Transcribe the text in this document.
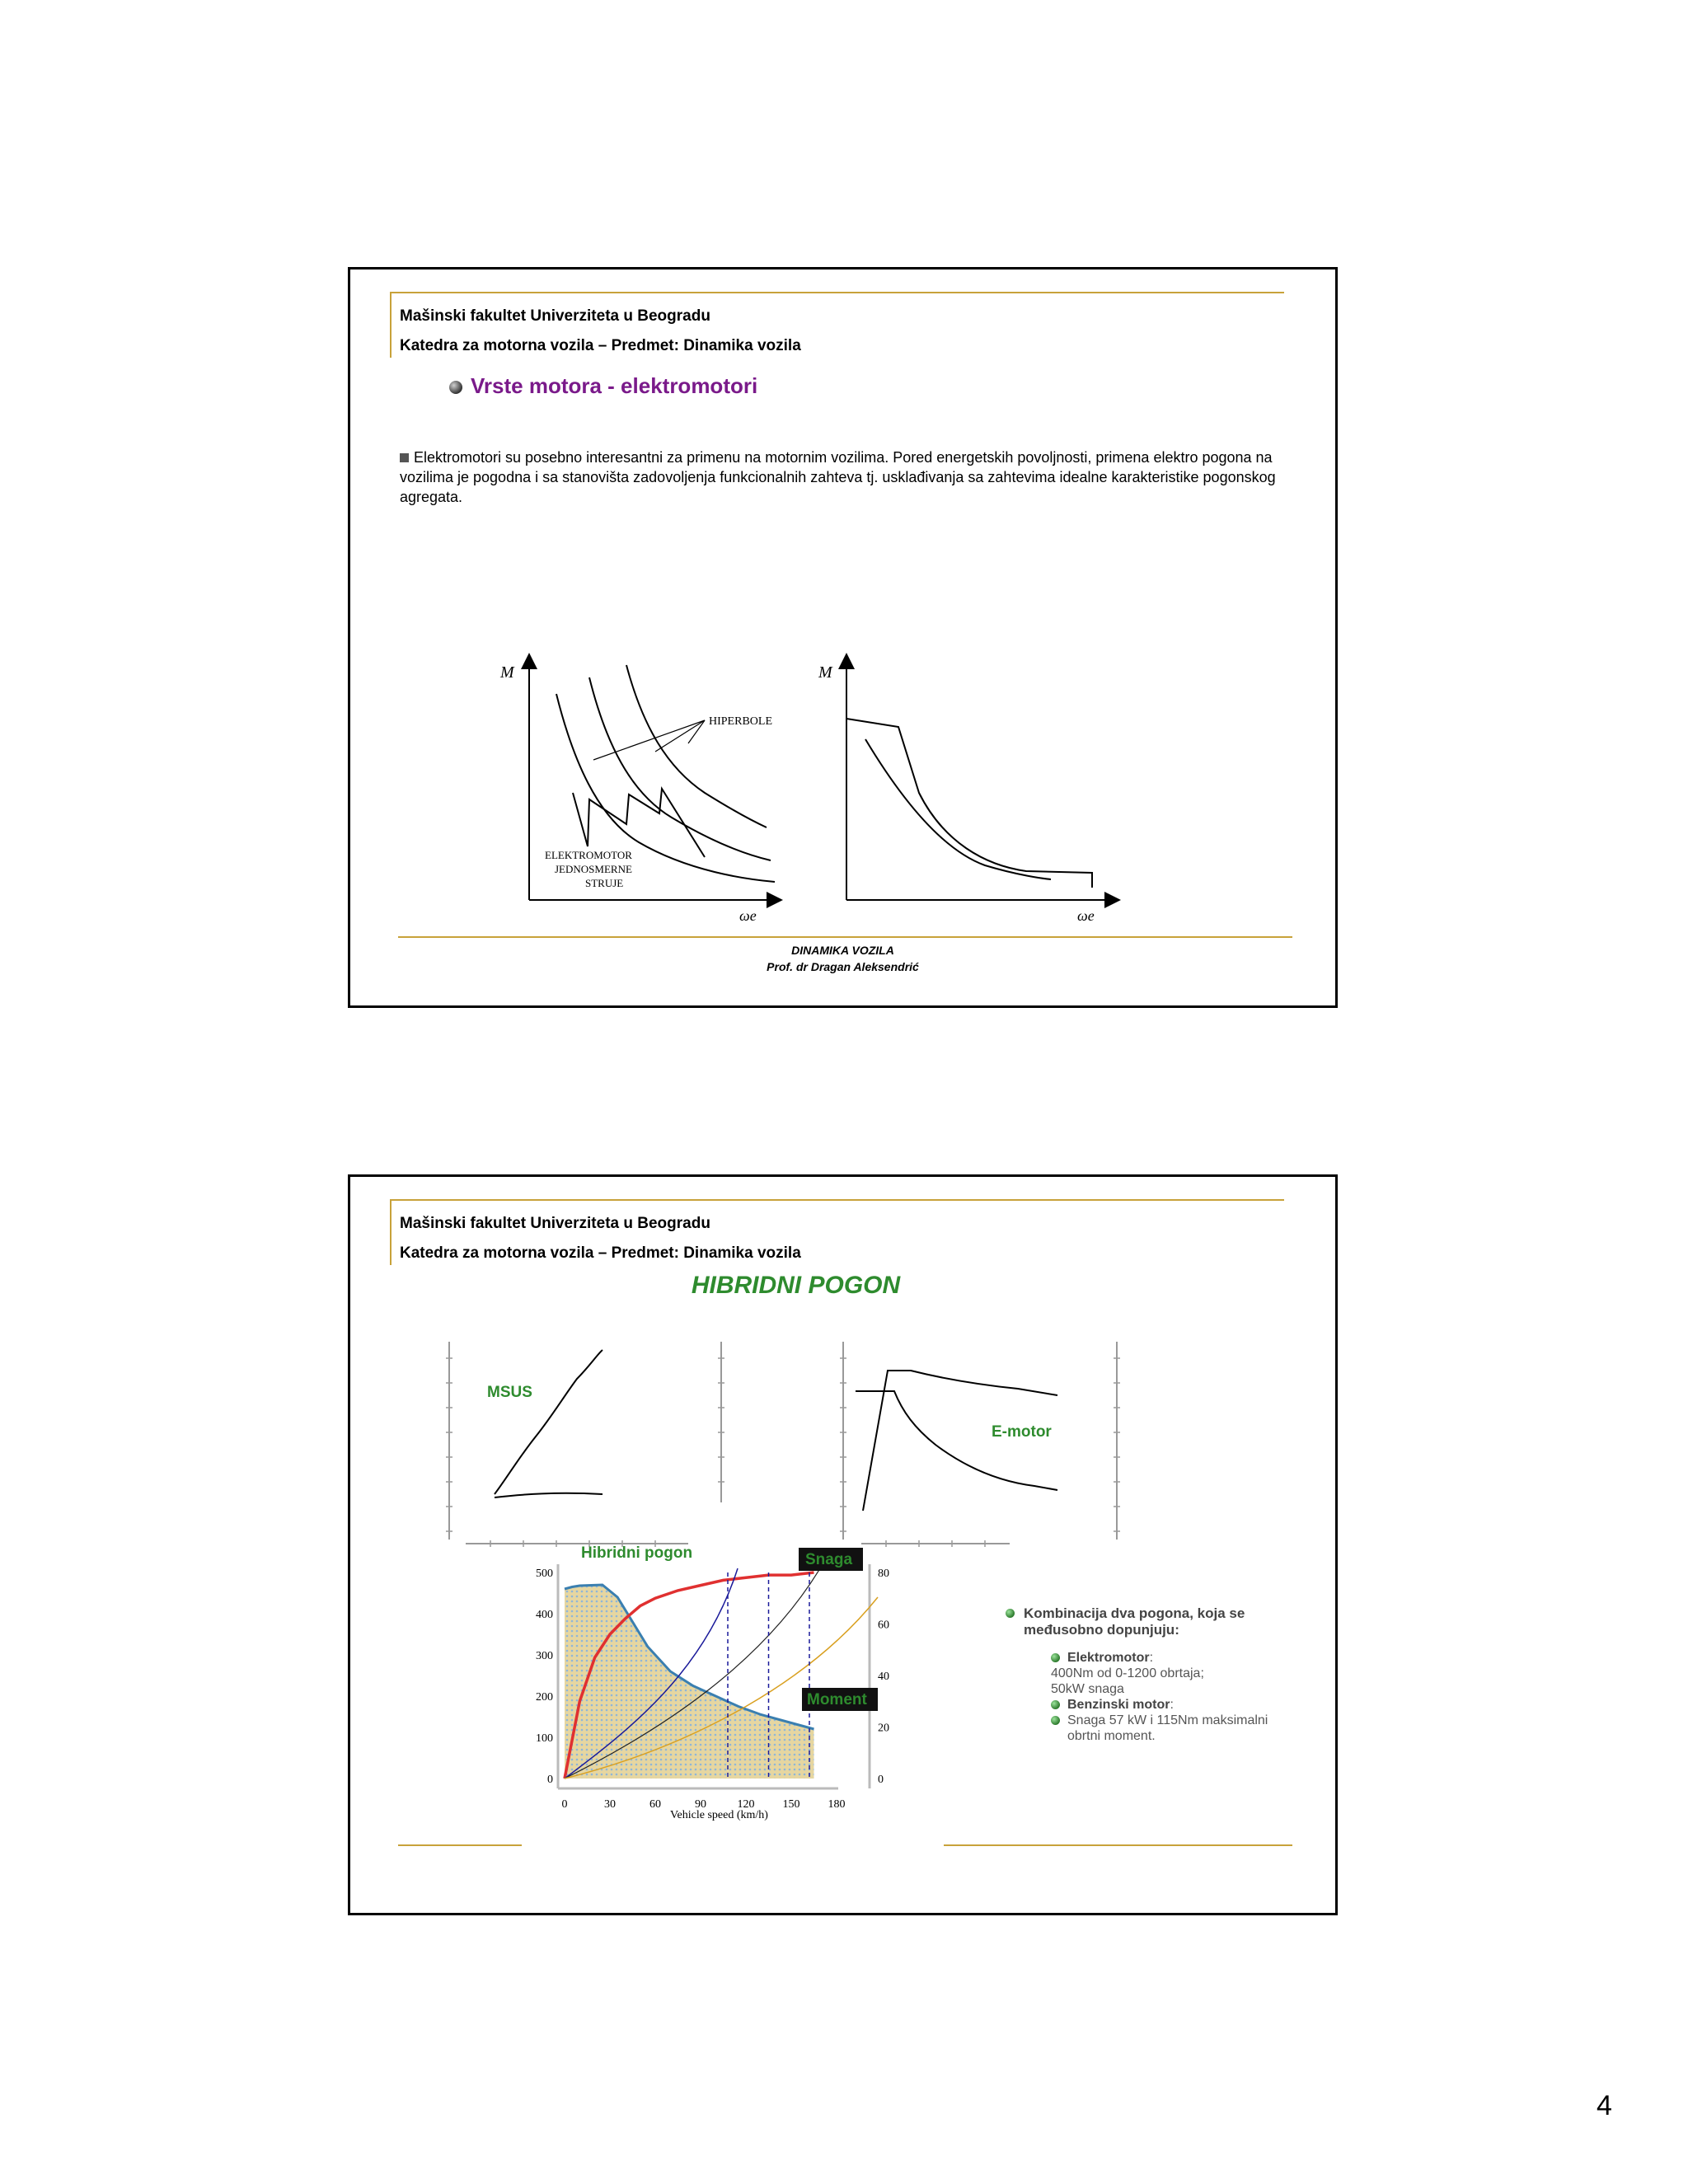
Mašinski fakultet Univerziteta u Beogradu
Katedra za motorna vozila – Predmet: Dinamika vozila
Vrste motora - elektromotori
Elektromotori su posebno interesantni za primenu na motornim vozilima. Pored energetskih povoljnosti, primena elektro pogona na vozilima je pogodna i sa stanovišta zadovoljenja funkcionalnih zahteva tj. usklađivanja sa zahtevima idealne karakteristike pogonskog agregata.
M
ωe
HIPERBOLE
ELEKTROMOTOR
JEDNOSMERNE
STRUJE
M
ωe
DINAMIKA VOZILA
Prof. dr Dragan Aleksendrić
Mašinski fakultet Univerziteta u Beogradu
Katedra za motorna vozila – Predmet: Dinamika vozila
HIBRIDNI POGON
MSUS
E-motor
500
400
300
200
100
0
80
60
40
20
0
0	30	60	90	120 150 180
Hibridni pogon	Snaga
Moment
Vehicle speed (km/h)
Kombinacija dva pogona, koja se međusobno dopunjuju:
Elektromotor:
400Nm od 0-1200 obrtaja;
50kW snaga
Benzinski motor:
Snaga 57 kW i 115Nm maksimalni obrtni moment.
4
